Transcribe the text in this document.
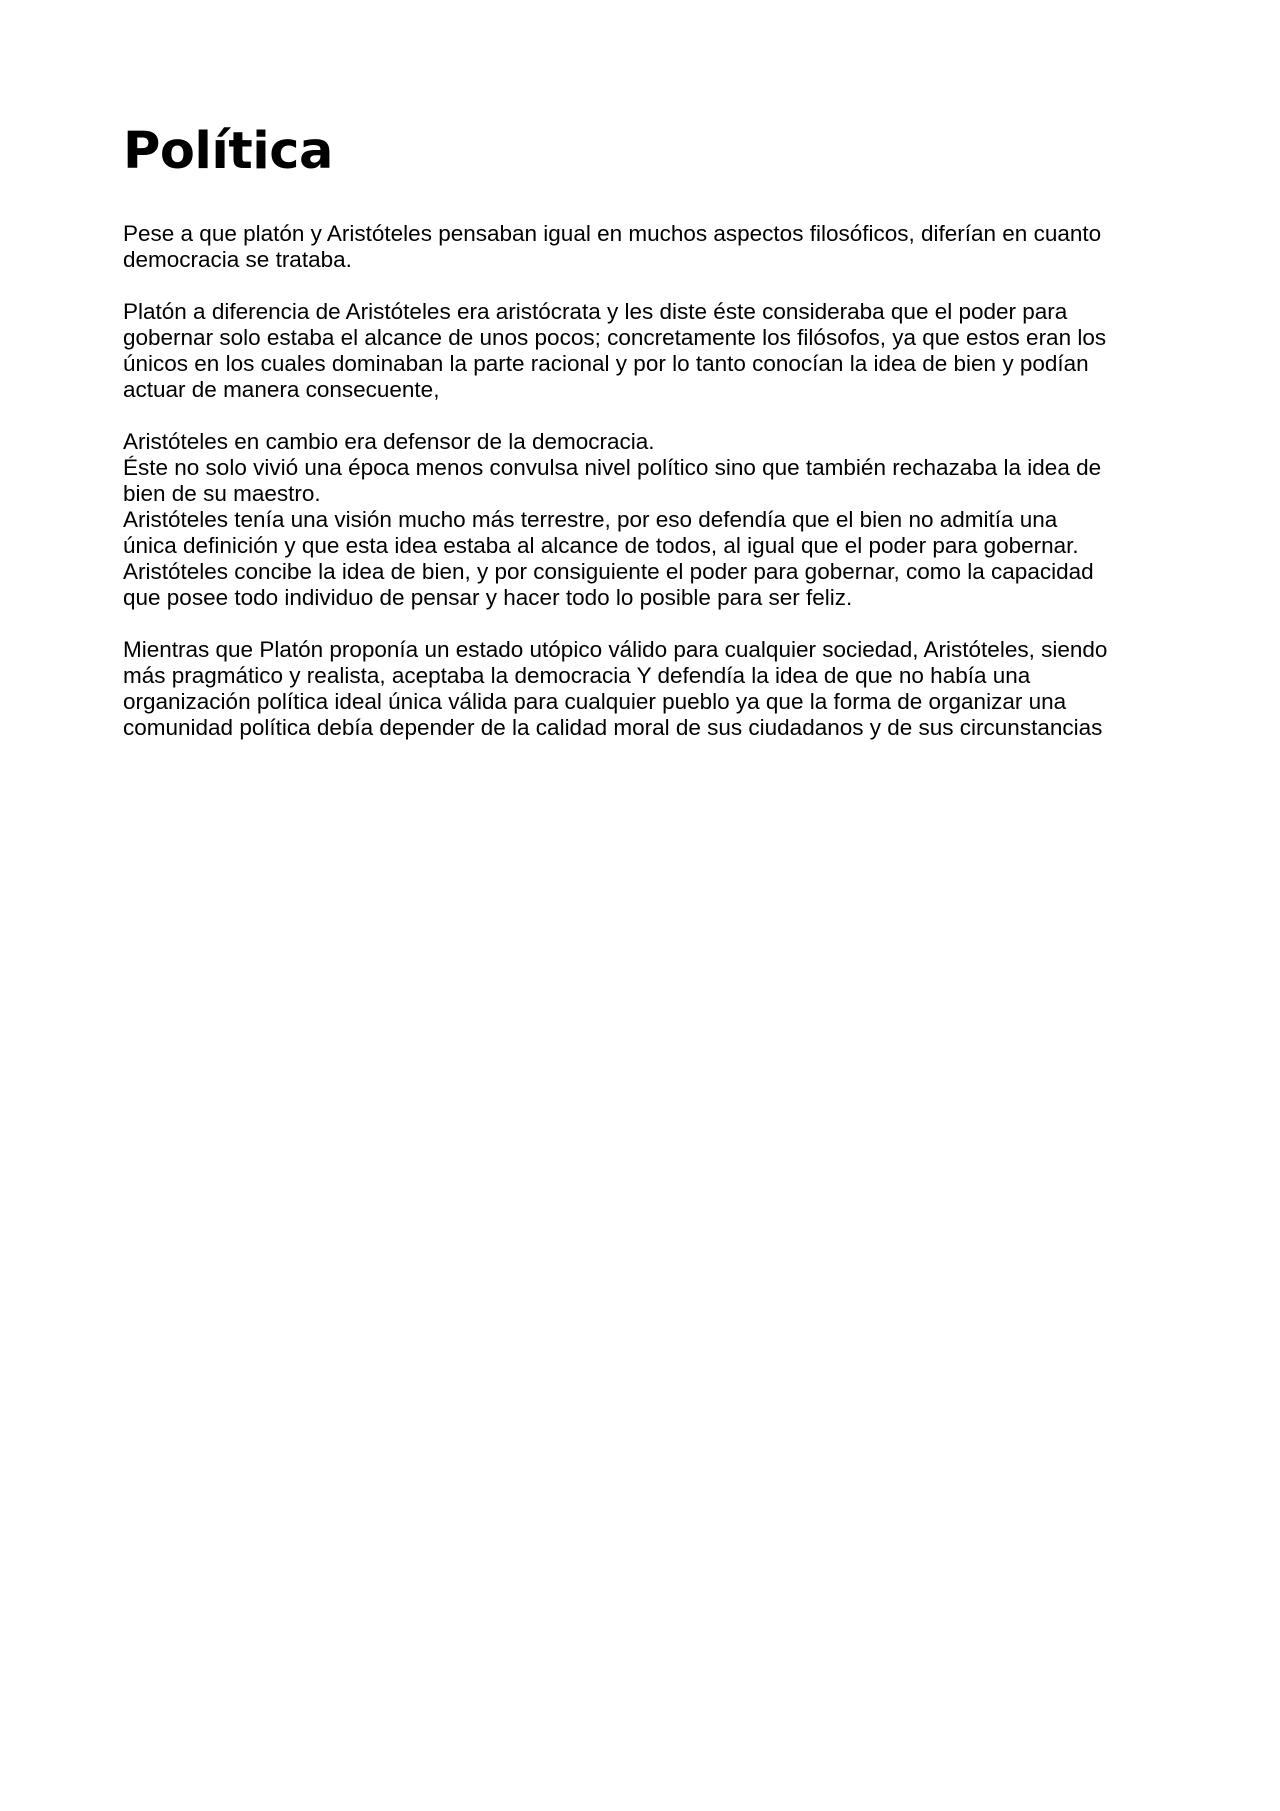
Política

Pese a que platón y Aristóteles pensaban igual en muchos aspectos filosóficos, diferían en cuanto
democracia se trataba.

Platón a diferencia de Aristóteles era aristócrata y les diste éste consideraba que el poder para
gobernar solo estaba el alcance de unos pocos; concretamente los filósofos, ya que estos eran los
únicos en los cuales dominaban la parte racional y por lo tanto conocían la idea de bien y podían
actuar de manera consecuente,

Aristóteles en cambio era defensor de la democracia.
Éste no solo vivió una época menos convulsa nivel político sino que también rechazaba la idea de
bien de su maestro.
Aristóteles tenía una visión mucho más terrestre, por eso defendía que el bien no admitía una
única definición y que esta idea estaba al alcance de todos, al igual que el poder para gobernar.
Aristóteles concibe la idea de bien, y por consiguiente el poder para gobernar, como la capacidad
que posee todo individuo de pensar y hacer todo lo posible para ser feliz.

Mientras que Platón proponía un estado utópico válido para cualquier sociedad, Aristóteles, siendo
más pragmático y realista, aceptaba la democracia Y defendía la idea de que no había una
organización política ideal única válida para cualquier pueblo ya que la forma de organizar una
comunidad política debía depender de la calidad moral de sus ciudadanos y de sus circunstancias
